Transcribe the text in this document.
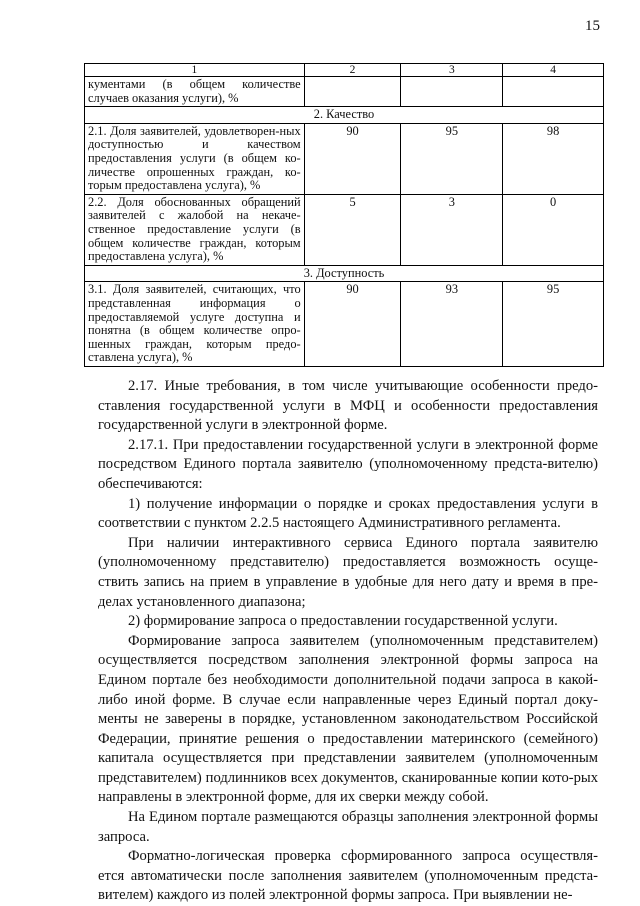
15
1	2	3	4
кументами (в общем количестве случаев оказания услуги), %			
2. Качество			
2.1. Доля заявителей, удовлетворен-ных доступностью и качеством предоставления услуги (в общем ко-личестве опрошенных граждан, ко-торым предоставлена услуга), %	90	95	98
2.2. Доля обоснованных обращений заявителей с жалобой на некаче-ственное предоставление услуги (в общем количестве граждан, которым предоставлена услуга), %	5	3	0
3. Доступность			
3.1. Доля заявителей, считающих, что представленная информация о предоставляемой услуге доступна и понятна (в общем количестве опро-шенных граждан, которым предо-ставлена услуга), %	90	93	95

2.17. Иные требования, в том числе учитывающие особенности предо-ставления государственной услуги в МФЦ и особенности предоставления государственной услуги в электронной форме.

2.17.1. При предоставлении государственной услуги в электронной форме посредством Единого портала заявителю (уполномоченному предста-вителю) обеспечиваются:

1) получение информации о порядке и сроках предоставления услуги в соответствии с пунктом 2.2.5 настоящего Административного регламента.

При наличии интерактивного сервиса Единого портала заявителю (уполномоченному представителю) предоставляется возможность осуще-ствить запись на прием в управление в удобные для него дату и время в пре-делах установленного диапазона;

2) формирование запроса о предоставлении государственной услуги.

Формирование запроса заявителем (уполномоченным представителем) осуществляется посредством заполнения электронной формы запроса на Едином портале без необходимости дополнительной подачи запроса в какой-либо иной форме. В случае если направленные через Единый портал доку-менты не заверены в порядке, установленном законодательством Российской Федерации, принятие решения о предоставлении материнского (семейного) капитала осуществляется при представлении заявителем (уполномоченным представителем) подлинников всех документов, сканированные копии кото-рых направлены в электронной форме, для их сверки между собой.

На Едином портале размещаются образцы заполнения электронной формы запроса.

Форматно-логическая проверка сформированного запроса осуществля-ется автоматически после заполнения заявителем (уполномоченным предста-вителем) каждого из полей электронной формы запроса. При выявлении не-
